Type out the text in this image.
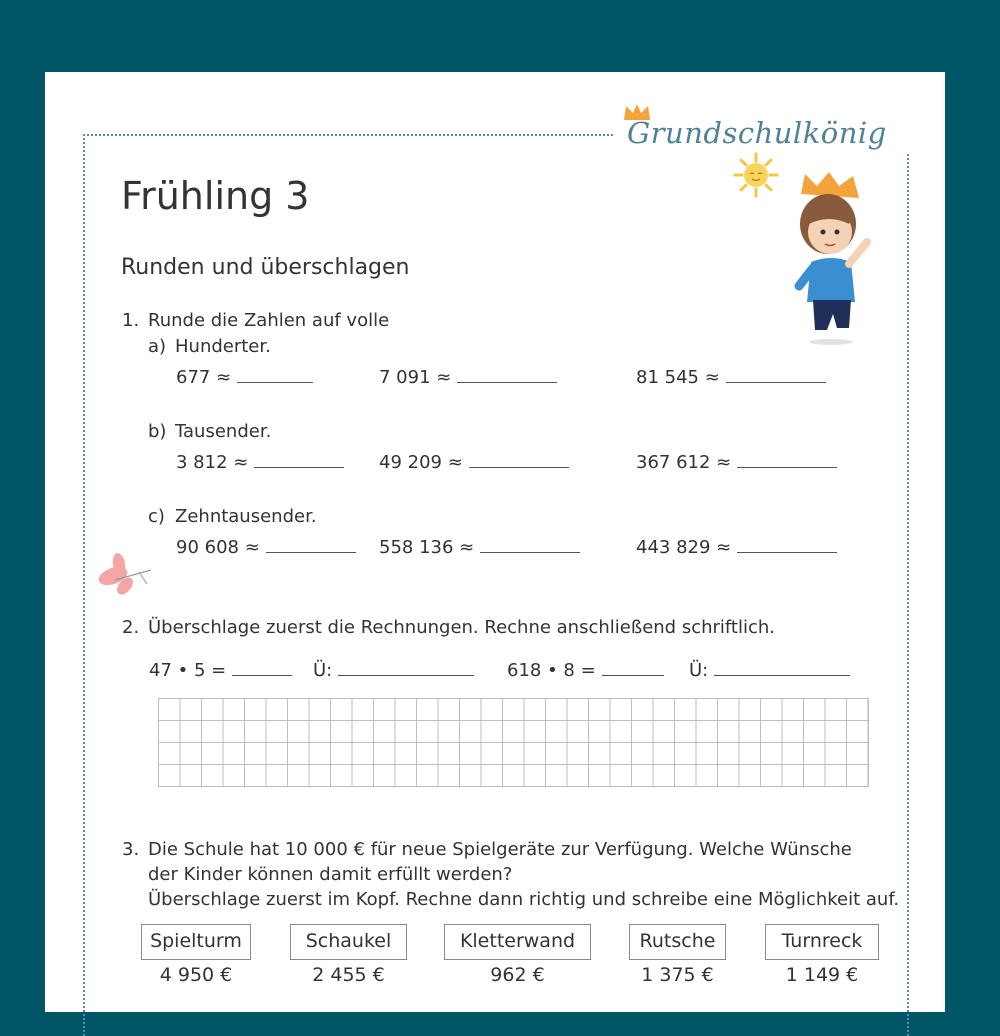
Grundschulkönig
Frühling 3
Runden und überschlagen
1. Runde die Zahlen auf volle
a) Hunderter.
677 ≈	7 091 ≈	81 545 ≈
b) Tausender.
3 812 ≈	49 209 ≈	367 612 ≈
c) Zehntausender.
90 608 ≈	558 136 ≈	443 829 ≈
2. Überschlage zuerst die Rechnungen. Rechne anschließend schriftlich.
47 • 5 =	Ü:	618 • 8 =	Ü:
3. Die Schule hat 10 000 € für neue Spielgeräte zur Verfügung. Welche Wünsche
der Kinder können damit erfüllt werden?
Überschlage zuerst im Kopf. Rechne dann richtig und schreibe eine Möglichkeit auf.
Spielturm
4 950 €
Schaukel
2 455 €
Kletterwand
962 €
Rutsche
1 375 €
Turnreck
1 149 €
